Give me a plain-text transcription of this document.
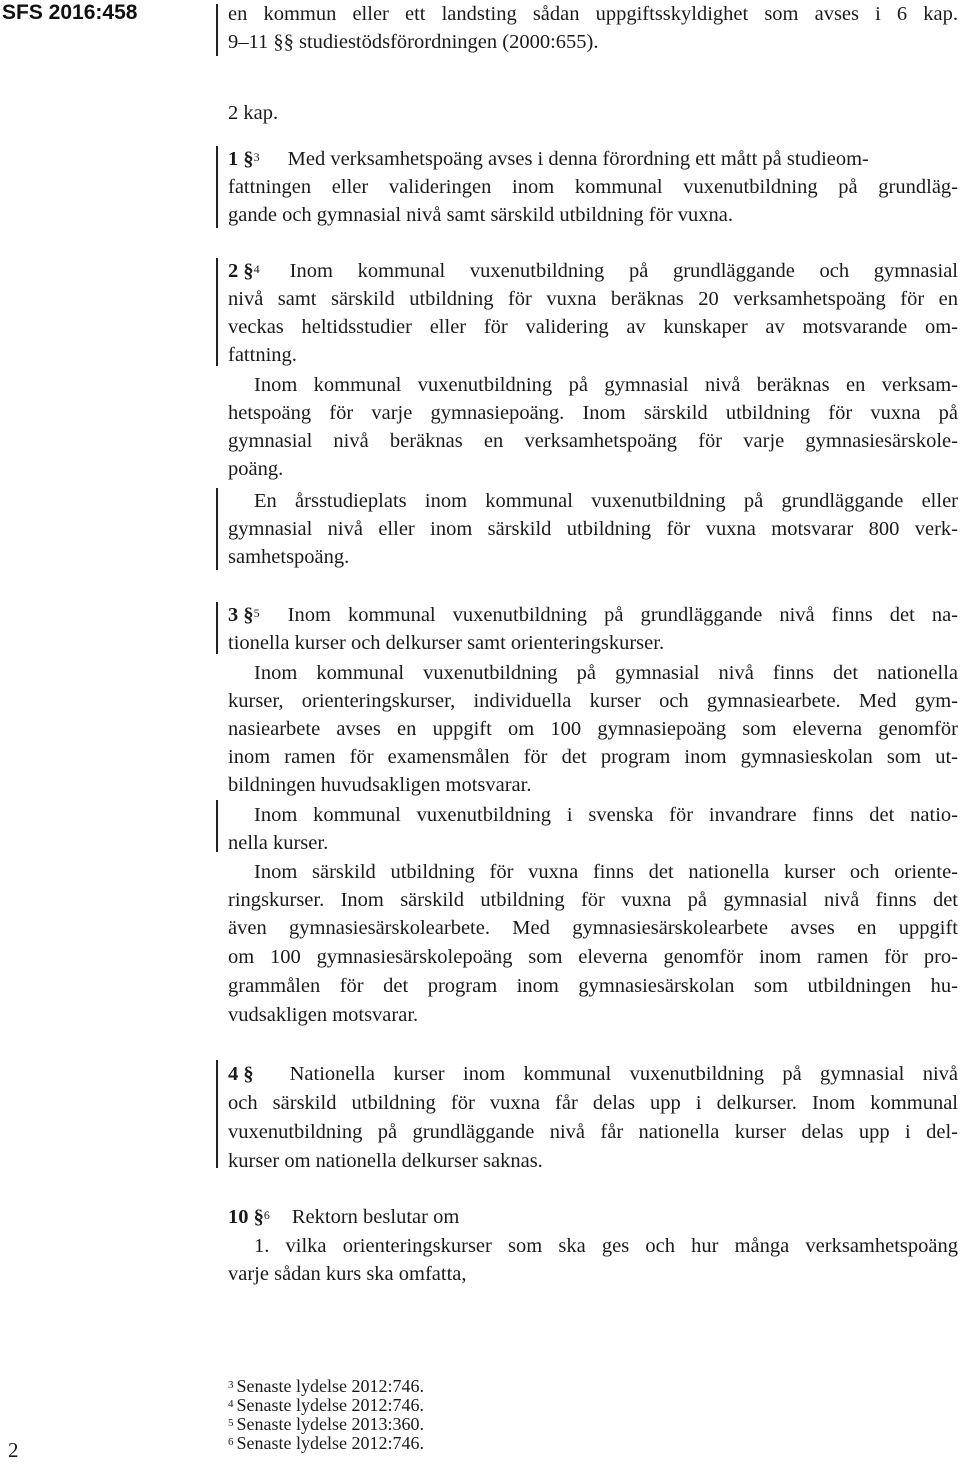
SFS 2016:458	en kommun eller ett landsting sådan uppgiftsskyldighet som avses i 6 kap.
9–11 §§ studiestödsförordningen (2000:655).
2 kap.
1 §$^3$ Med verksamhetspoäng avses i denna förordning ett mått på studieom-
fattningen eller valideringen inom kommunal vuxenutbildning på grundläg-
gande och gymnasial nivå samt särskild utbildning för vuxna.
2 §$^4$ Inom kommunal vuxenutbildning på grundläggande och gymnasial
nivå samt särskild utbildning för vuxna beräknas 20 verksamhetspoäng för en
veckas heltidsstudier eller för validering av kunskaper av motsvarande om-
fattning.
Inom kommunal vuxenutbildning på gymnasial nivå beräknas en verksam-
hetspoäng för varje gymnasiepoäng. Inom särskild utbildning för vuxna på
gymnasial nivå beräknas en verksamhetspoäng för varje gymnasiesärskole-
poäng.
En årsstudieplats inom kommunal vuxenutbildning på grundläggande eller
gymnasial nivå eller inom särskild utbildning för vuxna motsvarar 800 verk-
samhetspoäng.
3 §$^5$ Inom kommunal vuxenutbildning på grundläggande nivå finns det na-
tionella kurser och delkurser samt orienteringskurser.
Inom kommunal vuxenutbildning på gymnasial nivå finns det nationella
kurser, orienteringskurser, individuella kurser och gymnasiearbete. Med gym-
nasiearbete avses en uppgift om 100 gymnasiepoäng som eleverna genomför
inom ramen för examensmålen för det program inom gymnasieskolan som ut-
bildningen huvudsakligen motsvarar.
Inom kommunal vuxenutbildning i svenska för invandrare finns det natio-
nella kurser.
Inom särskild utbildning för vuxna finns det nationella kurser och oriente-
ringskurser. Inom särskild utbildning för vuxna på gymnasial nivå finns det
även gymnasiesärskolearbete. Med gymnasiesärskolearbete avses en uppgift
om 100 gymnasiesärskolepoäng som eleverna genomför inom ramen för pro-
grammålen för det program inom gymnasiesärskolan som utbildningen hu-
vudsakligen motsvarar.
4 § Nationella kurser inom kommunal vuxenutbildning på gymnasial nivå
och särskild utbildning för vuxna får delas upp i delkurser. Inom kommunal
vuxenutbildning på grundläggande nivå får nationella kurser delas upp i del-
kurser om nationella delkurser saknas.
10 §$^6$ Rektorn beslutar om
1. vilka orienteringskurser som ska ges och hur många verksamhetspoäng
varje sådan kurs ska omfatta,
$^3$ Senaste lydelse 2012:746.
$^4$ Senaste lydelse 2012:746.
$^5$ Senaste lydelse 2013:360.
$^6$ Senaste lydelse 2012:746.
2
